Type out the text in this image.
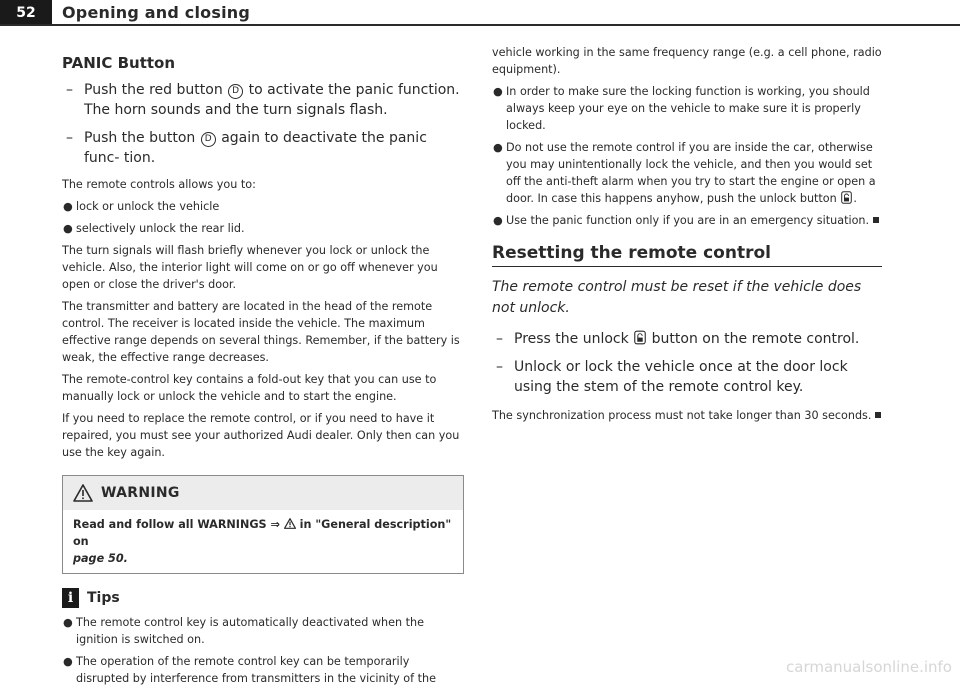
52	Opening and closing
PANIC Button
– Push the red button D to activate the panic function. The horn sounds and the turn signals flash.
– Push the button D again to deactivate the panic func- tion.

The remote controls allows you to:

● lock or unlock the vehicle
● selectively unlock the rear lid.

The turn signals will flash briefly whenever you lock or unlock the vehicle. Also, the interior light will come on or go off whenever you open or close the driver's door.

The transmitter and battery are located in the head of the remote control. The receiver is located inside the vehicle. The maximum effective range depends on several things. Remember, if the battery is weak, the effective range decreases.

The remote-control key contains a fold-out key that you can use to manually lock or unlock the vehicle and to start the engine.

If you need to replace the remote control, or if you need to have it repaired, you must see your authorized Audi dealer. Only then can you use the key again.

WARNING
Read and follow all WARNINGS ⇒  in "General description" on
page 50.
i Tips
● The remote control key is automatically deactivated when the ignition is switched on.
● The operation of the remote control key can be temporarily disrupted by interference from transmitters in the vicinity of the

vehicle working in the same frequency range (e.g. a cell phone, radio equipment).

● In order to make sure the locking function is working, you should always keep your eye on the vehicle to make sure it is properly locked.
● Do not use the remote control if you are inside the car, otherwise you may unintentionally lock the vehicle, and then you would set off the anti-theft alarm when you try to start the engine or open a door. In case this happens anyhow, push the unlock button .
● Use the panic function only if you are in an emergency situation.
Resetting the remote control

The remote control must be reset if the vehicle does not unlock.

– Press the unlock  button on the remote control.
– Unlock or lock the vehicle once at the door lock using the stem of the remote control key.

The synchronization process must not take longer than 30 seconds.

carmanualsonline.info
